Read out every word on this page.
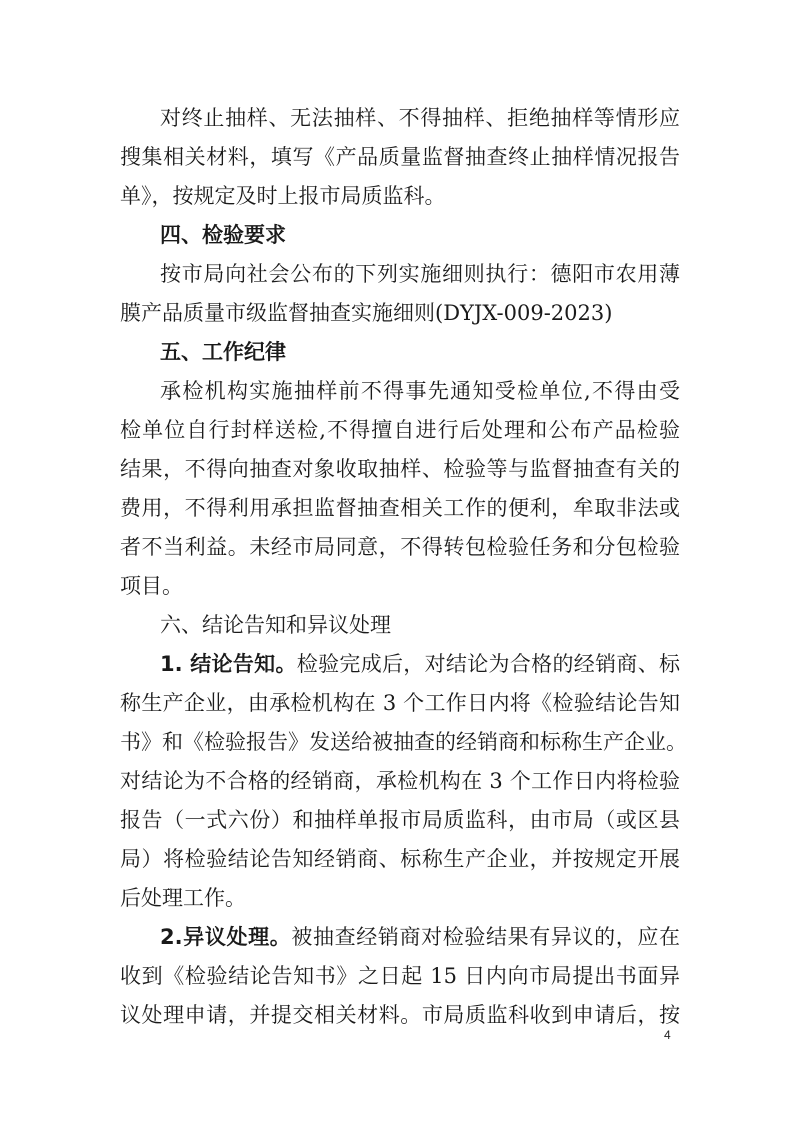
对终止抽样、无法抽样、不得抽样、拒绝抽样等情形应
搜集相关材料，填写《产品质量监督抽查终止抽样情况报告
单》，按规定及时上报市局质监科。
四、检验要求
按市局向社会公布的下列实施细则执行：德阳市农用薄
膜产品质量市级监督抽查实施细则(DYJX-009-2023)
五、工作纪律
承检机构实施抽样前不得事先通知受检单位,不得由受
检单位自行封样送检,不得擅自进行后处理和公布产品检验
结果，不得向抽查对象收取抽样、检验等与监督抽查有关的
费用，不得利用承担监督抽查相关工作的便利，牟取非法或
者不当利益。未经市局同意，不得转包检验任务和分包检验
项目。
六、结论告知和异议处理
1. 结论告知。检验完成后，对结论为合格的经销商、标
称生产企业，由承检机构在 3 个工作日内将《检验结论告知
书》和《检验报告》发送给被抽查的经销商和标称生产企业。
对结论为不合格的经销商，承检机构在 3 个工作日内将检验
报告（一式六份）和抽样单报市局质监科，由市局（或区县
局）将检验结论告知经销商、标称生产企业，并按规定开展
后处理工作。
2.异议处理。被抽查经销商对检验结果有异议的，应在
收到《检验结论告知书》之日起 15 日内向市局提出书面异
议处理申请，并提交相关材料。市局质监科收到申请后，按
4
